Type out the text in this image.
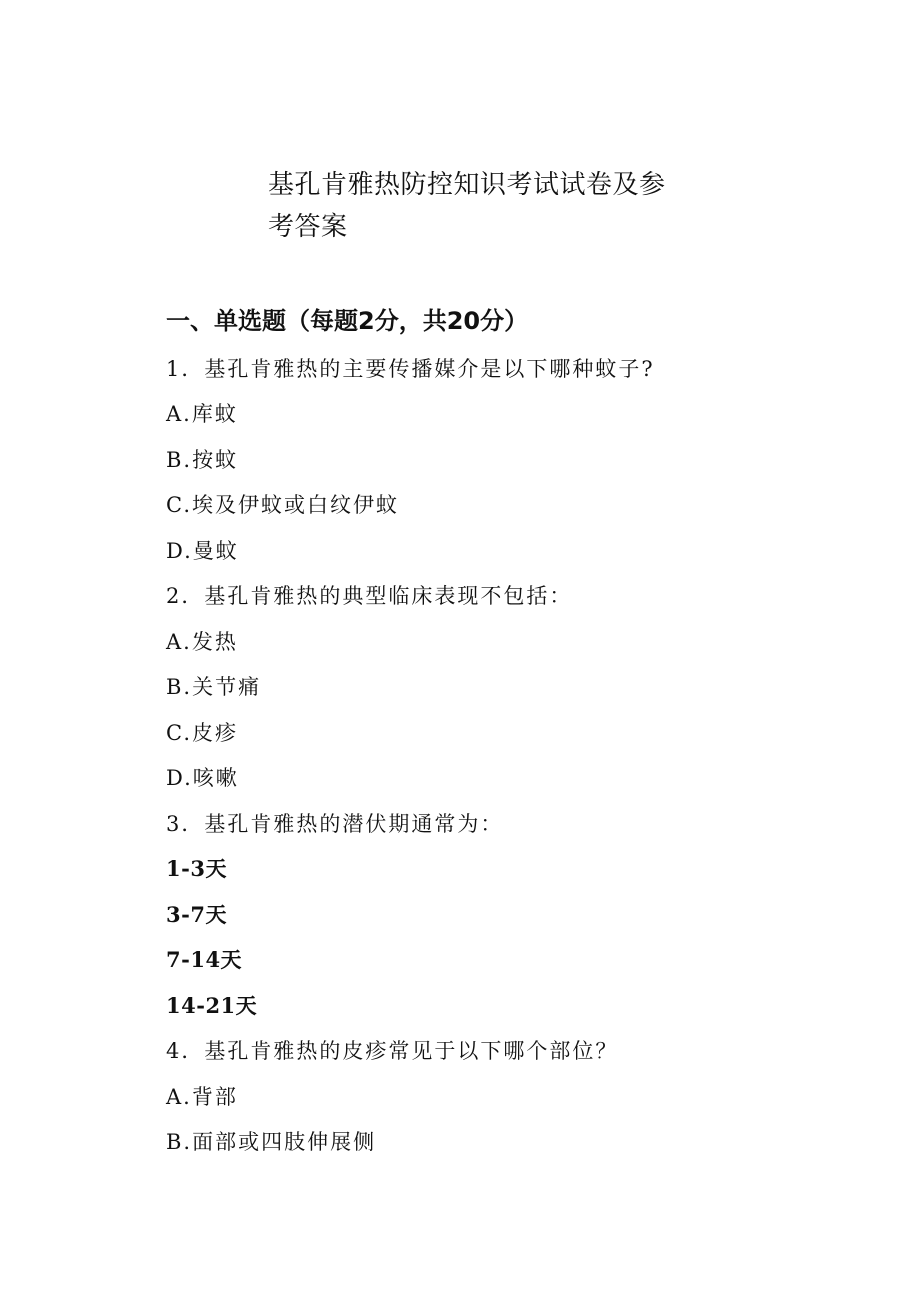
基孔肯雅热防控知识考试试卷及参考答案
一、单选题（每题2分，共20分）

1．基孔肯雅热的主要传播媒介是以下哪种蚊子?

A.库蚊

B.按蚊

C.埃及伊蚊或白纹伊蚊

D.曼蚊

2．基孔肯雅热的典型临床表现不包括：

A.发热

B.关节痛

C.皮疹

D.咳嗽

3．基孔肯雅热的潜伏期通常为：

1-3天

3-7天

7-14天

14-21天

4．基孔肯雅热的皮疹常见于以下哪个部位？

A.背部

B.面部或四肢伸展侧
